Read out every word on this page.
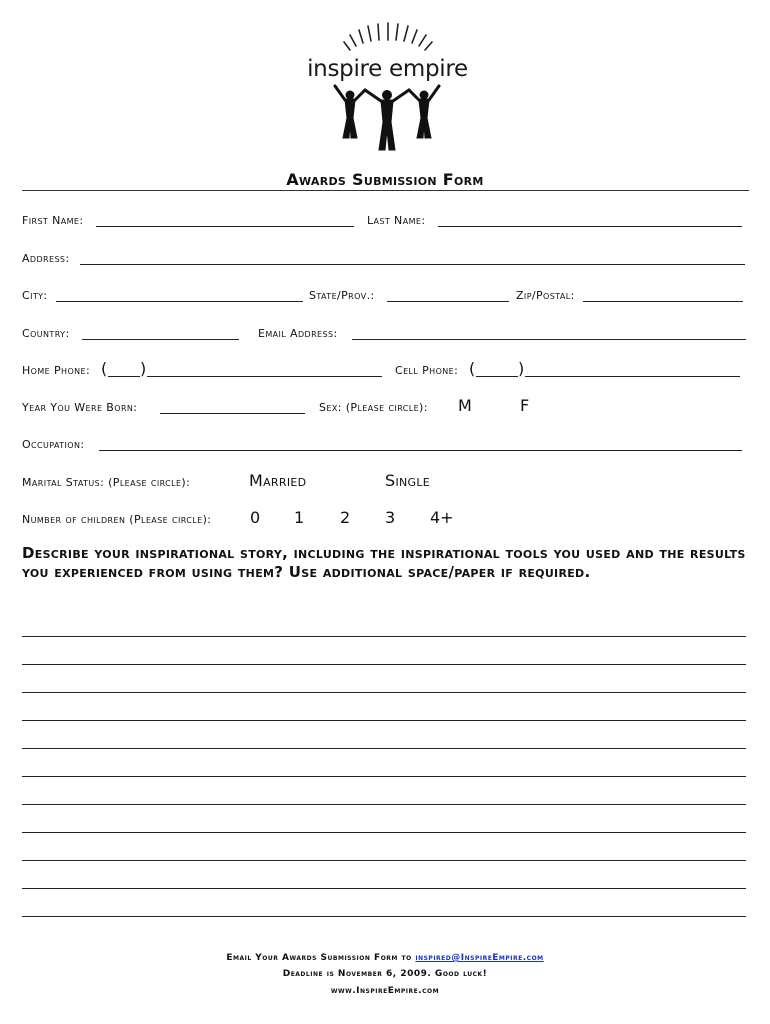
inspire empire
Awards Submission Form
First Name:	Last Name:
Address:
City:	State/Prov.:	Zip/Postal:
Country:	Email Address:
Home Phone: ( )	Cell Phone: (	)
Year You Were Born:	Sex: (Please circle): M	F
Occupation:
Marital Status: (Please circle):	Married	Single
Number of children (Please circle): 0 1 2 3 4+
Describe your inspirational story, including the inspirational tools you used and the results you experienced from using them? Use additional space/paper if required.
Email Your Awards Submission Form to inspired@InspireEmpire.com
Deadline is November 6, 2009. Good luck!
www.InspireEmpire.com
